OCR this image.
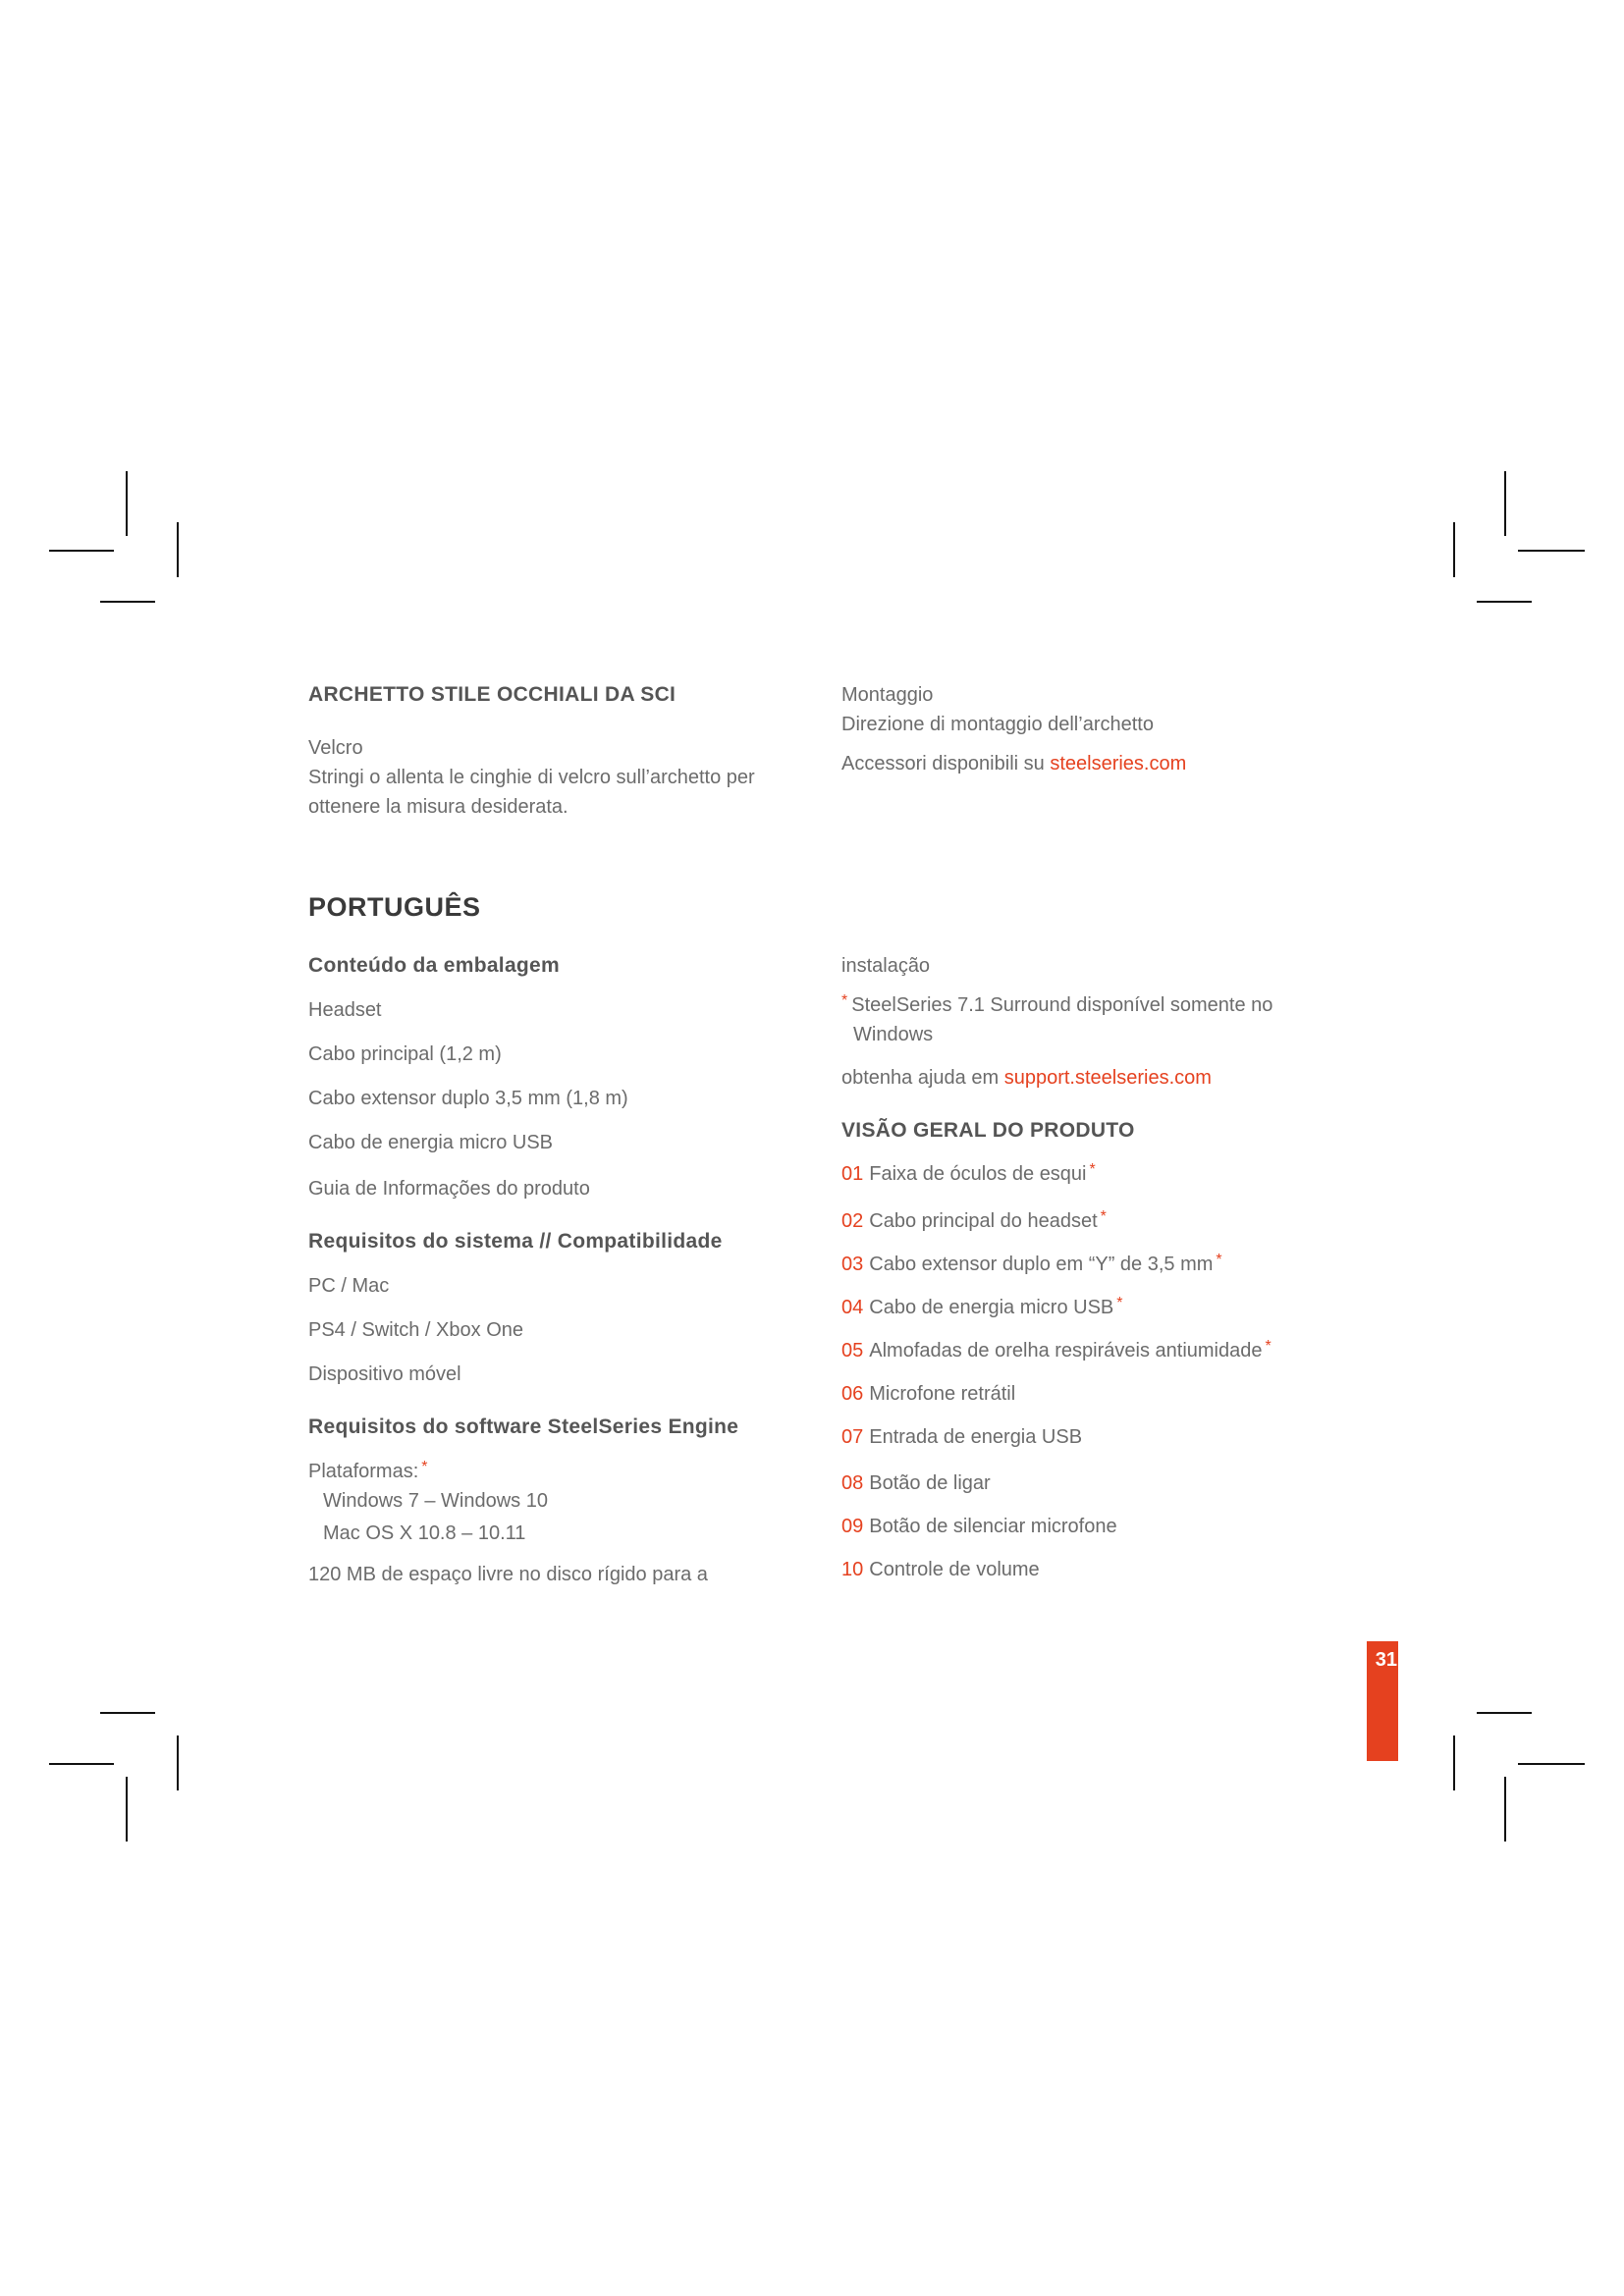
ARCHETTO STILE OCCHIALI DA SCI

Velcro

Stringi o allenta le cinghie di velcro sull’archetto per

ottenere la misura desiderata.

Montaggio

Direzione di montaggio dell’archetto

Accessori disponibili su steelseries.com

PORTUGUÊS

Conteúdo da embalagem

Headset

Cabo principal (1,2 m)

Cabo extensor duplo 3,5 mm (1,8 m)

Cabo de energia micro USB

Guia de Informações do produto

Requisitos do sistema // Compatibilidade

PC / Mac

PS4 / Switch / Xbox One

Dispositivo móvel

Requisitos do software SteelSeries Engine

Plataformas: *

Windows 7 – Windows 10

Mac OS X 10.8 – 10.11

120 MB de espaço livre no disco rígido para a

instalação

* SteelSeries 7.1 Surround disponível somente no

Windows

obtenha ajuda em support.steelseries.com

VISÃO GERAL DO PRODUTO

01 Faixa de óculos de esqui *

02 Cabo principal do headset *

03 Cabo extensor duplo em “Y” de 3,5 mm *

04 Cabo de energia micro USB *

05 Almofadas de orelha respiráveis antiumidade *

06 Microfone retrátil

07 Entrada de energia USB

08 Botão de ligar

09 Botão de silenciar microfone

10 Controle de volume

31
